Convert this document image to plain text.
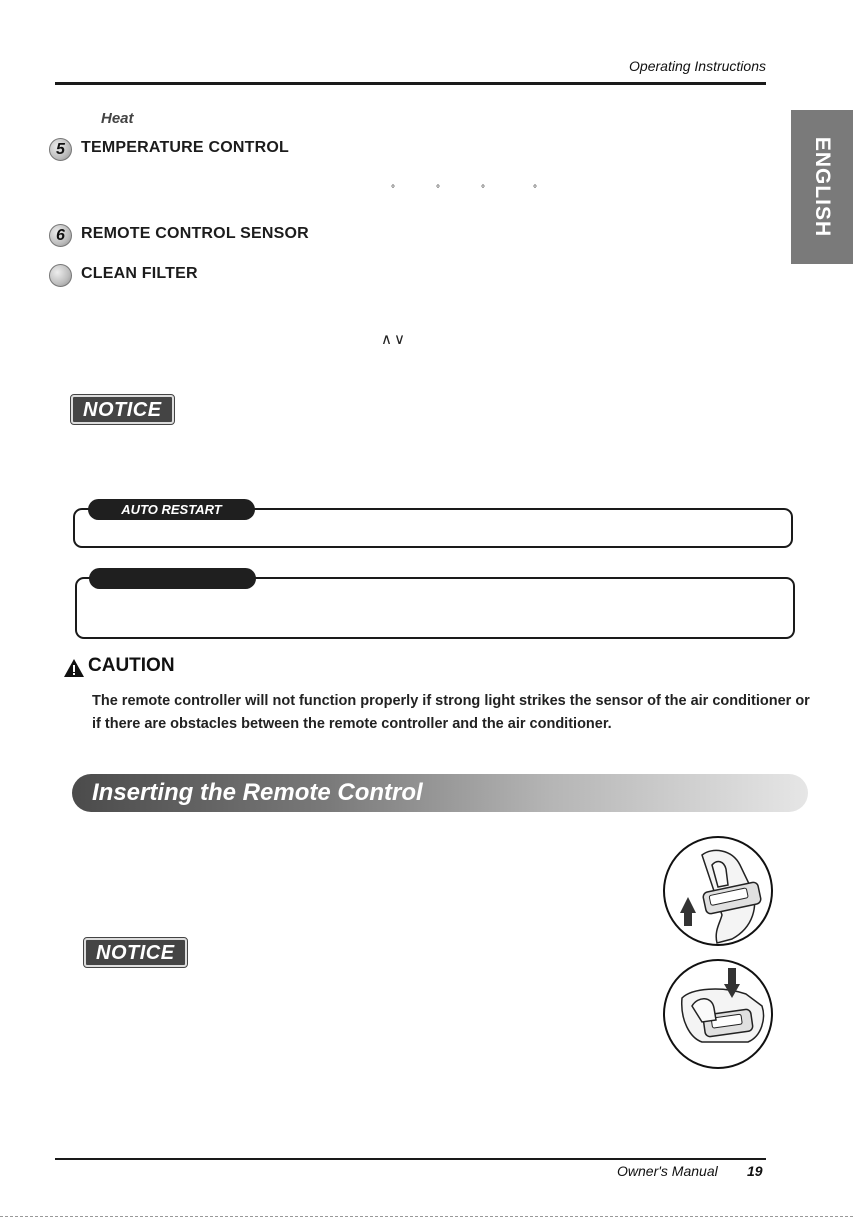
Operating Instructions
ENGLISH
Heat
5	TEMPERATURE CONTROL
°	°	°	°
6	REMOTE CONTROL SENSOR
CLEAN FILTER
∧∨
NOTICE
AUTO RESTART
CAUTION
The remote controller will not function properly if strong light strikes the sensor of the air conditioner or if there are obstacles between the remote controller and the air conditioner.
Inserting the Remote Control
NOTICE
Owner's Manual 19
